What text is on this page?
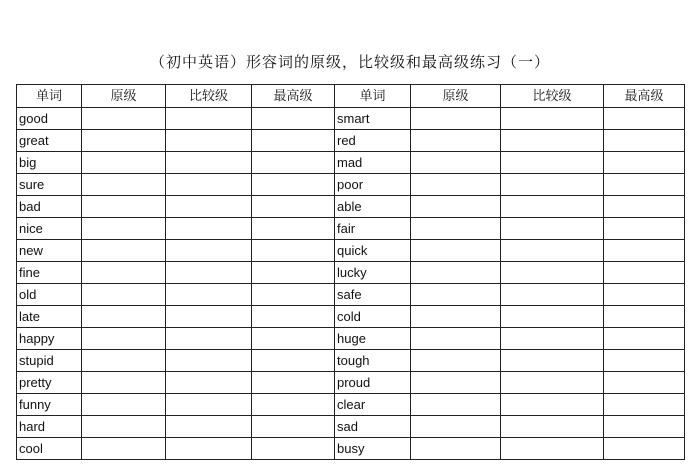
（初中英语）形容词的原级，比较级和最高级练习（一）
单词	原级	比较级	最高级	单词	原级	比较级	最高级
good				smart			
great				red			
big				mad			
sure				poor			
bad				able			
nice				fair			
new				quick			
fine				lucky			
old				safe			
late				cold			
happy				huge			
stupid				tough			
pretty				proud			
funny				clear			
hard				sad			
cool				busy			
